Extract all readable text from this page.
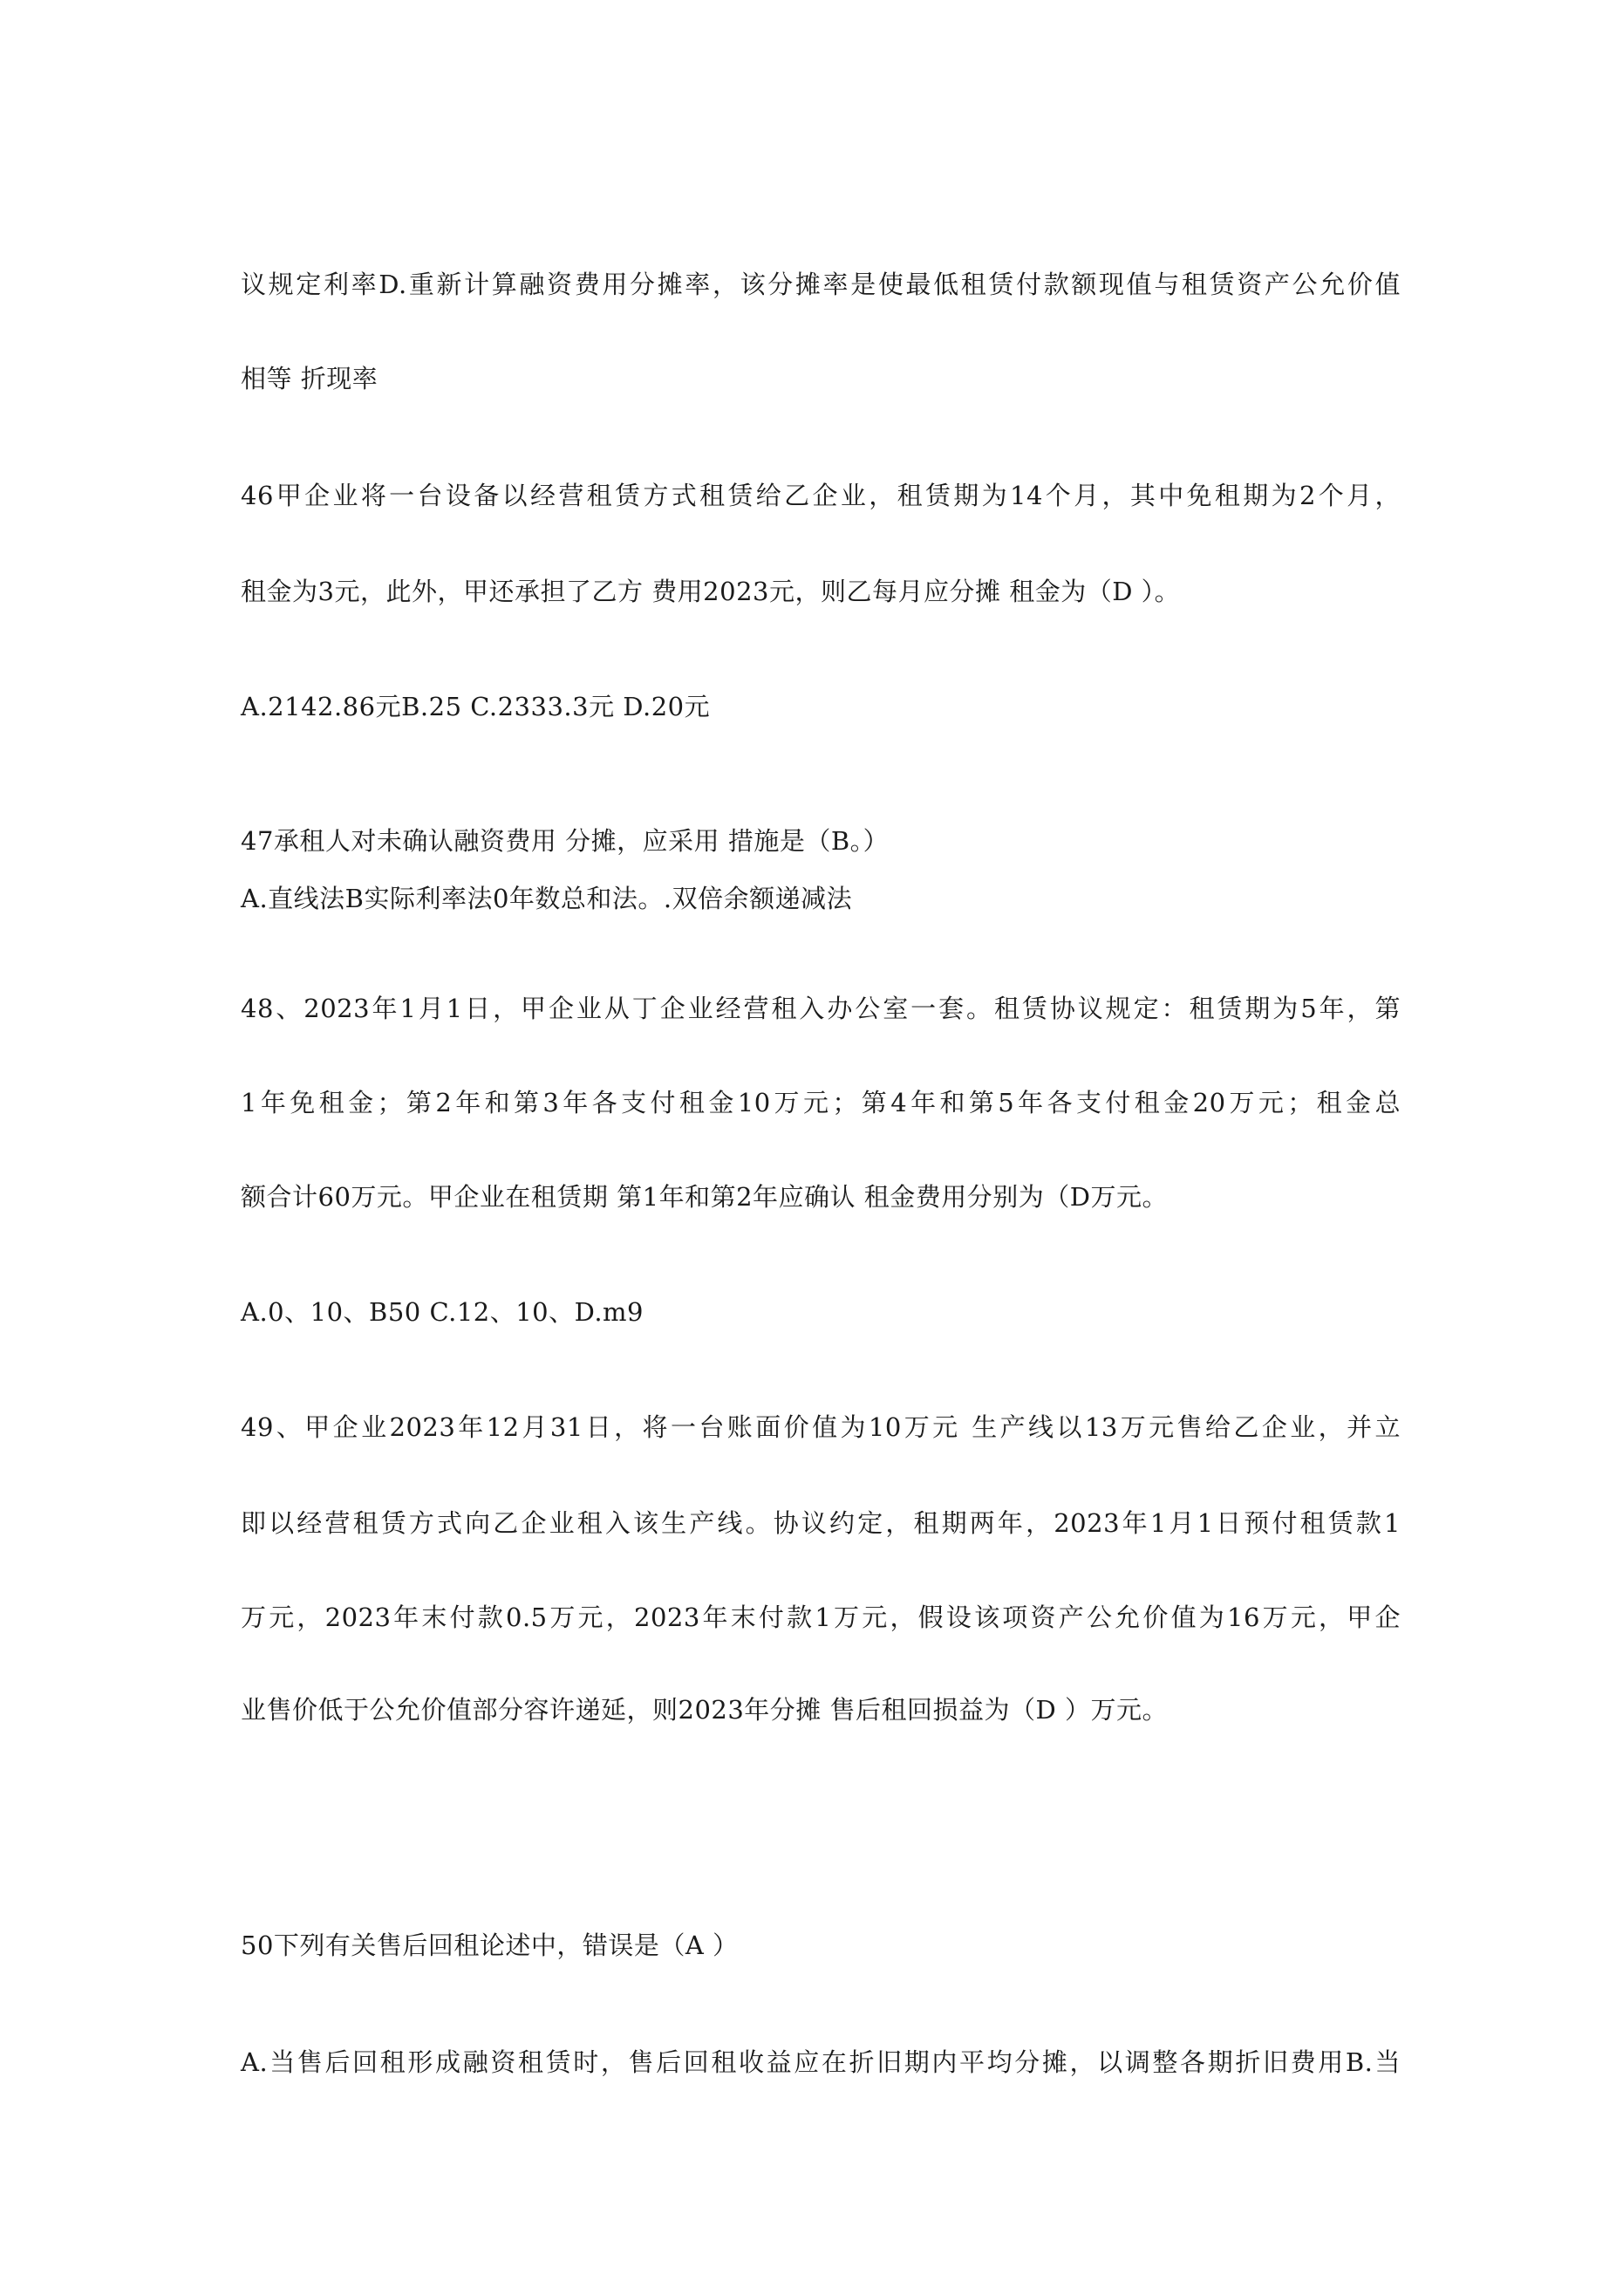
议规定利率D.重新计算融资费用分摊率，该分摊率是使最低租赁付款额现值与租赁资产公允价值
相等 折现率
46甲企业将一台设备以经营租赁方式租赁给乙企业，租赁期为14个月，其中免租期为2个月，
租金为3元，此外，甲还承担了乙方 费用2023元，则乙每月应分摊 租金为（D ）。
A.2142.86元B.25 C.2333.3元 D.20元
47承租人对未确认融资费用 分摊，应采用 措施是（B。）
A.直线法B实际利率法0年数总和法。.双倍余额递减法
48、2023年1月1日，甲企业从丁企业经营租入办公室一套。租赁协议规定：租赁期为5年，第
1年免租金；第2年和第3年各支付租金10万元；第4年和第5年各支付租金20万元；租金总
额合计60万元。甲企业在租赁期 第1年和第2年应确认 租金费用分别为（D万元。
A.0、10、B50 C.12、10、D.m9
49、甲企业2023年12月31日，将一台账面价值为10万元 生产线以13万元售给乙企业，并立
即以经营租赁方式向乙企业租入该生产线。协议约定，租期两年，2023年1月1日预付租赁款1
万元，2023年末付款0.5万元，2023年末付款1万元，假设该项资产公允价值为16万元，甲企
业售价低于公允价值部分容许递延，则2023年分摊 售后租回损益为（D ）万元。
50下列有关售后回租论述中，错误是（A ）
A.当售后回租形成融资租赁时，售后回租收益应在折旧期内平均分摊，以调整各期折旧费用B.当
